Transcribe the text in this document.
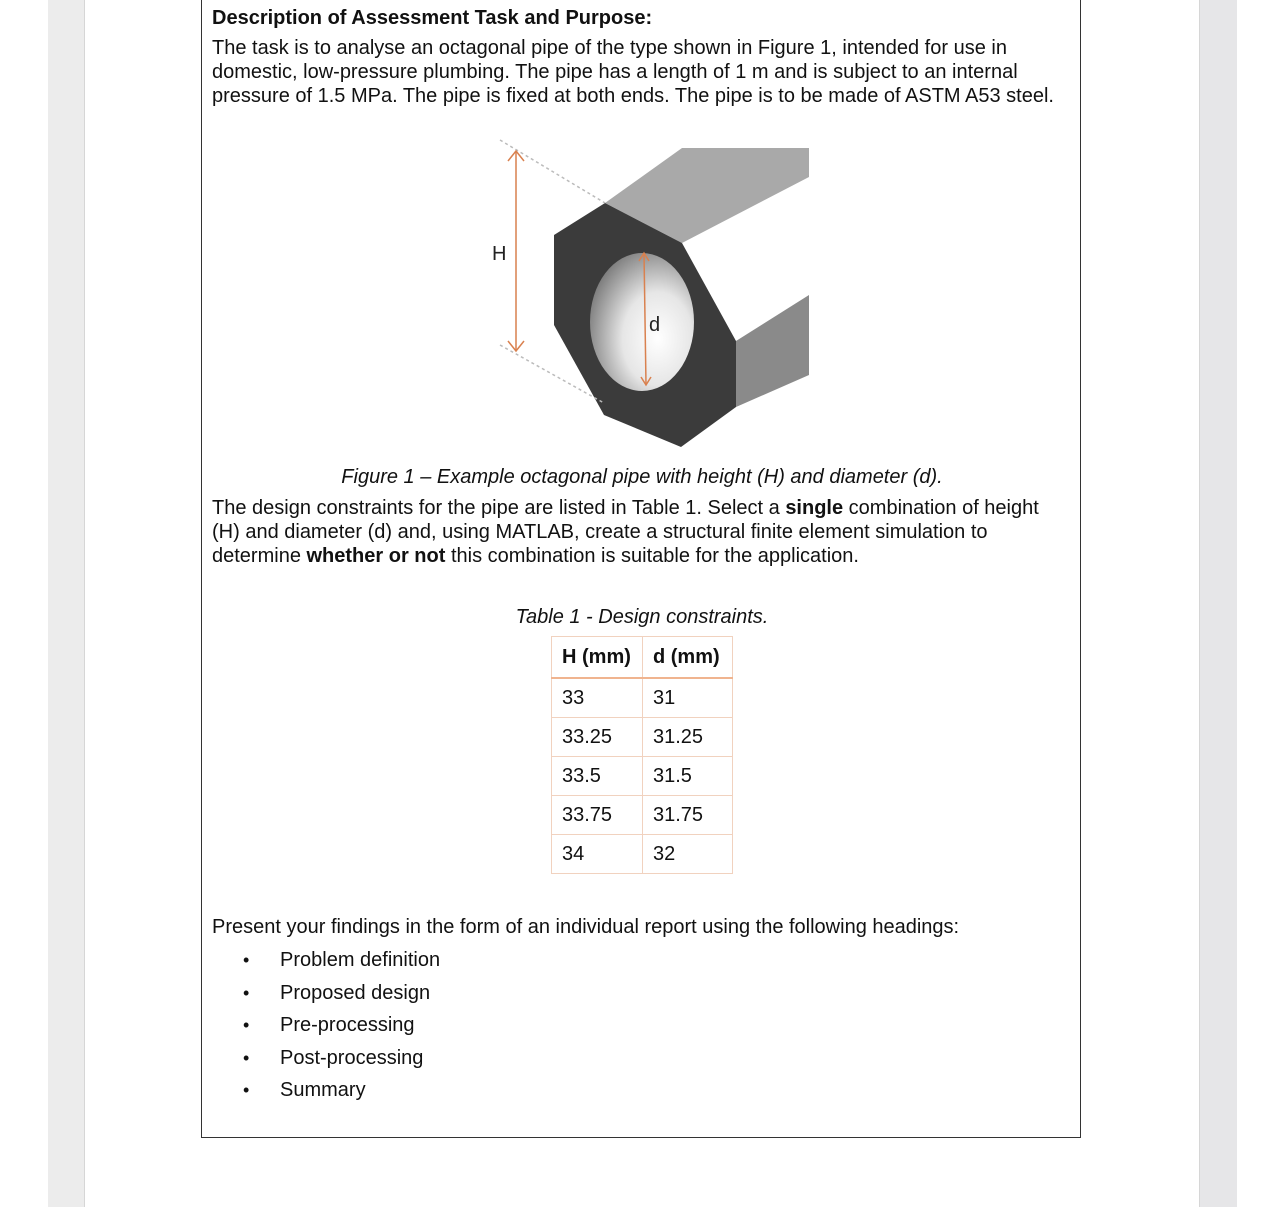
Description of Assessment Task and Purpose:

The task is to analyse an octagonal pipe of the type shown in Figure 1, intended for use in domestic, low-pressure plumbing. The pipe has a length of 1 m and is subject to an internal pressure of 1.5 MPa. The pipe is fixed at both ends. The pipe is to be made of ASTM A53 steel.

H
d
Figure 1 – Example octagonal pipe with height (H) and diameter (d).

The design constraints for the pipe are listed in Table 1. Select a single combination of height (H) and diameter (d) and, using MATLAB, create a structural finite element simulation to determine whether or not this combination is suitable for the application.

Table 1 - Design constraints.
H (mm)	d (mm)
33	31
33.25	31.25
33.5	31.5
33.75	31.75
34	32

Present your findings in the form of an individual report using the following headings:

• Problem definition
• Proposed design
• Pre-processing
• Post-processing
• Summary
